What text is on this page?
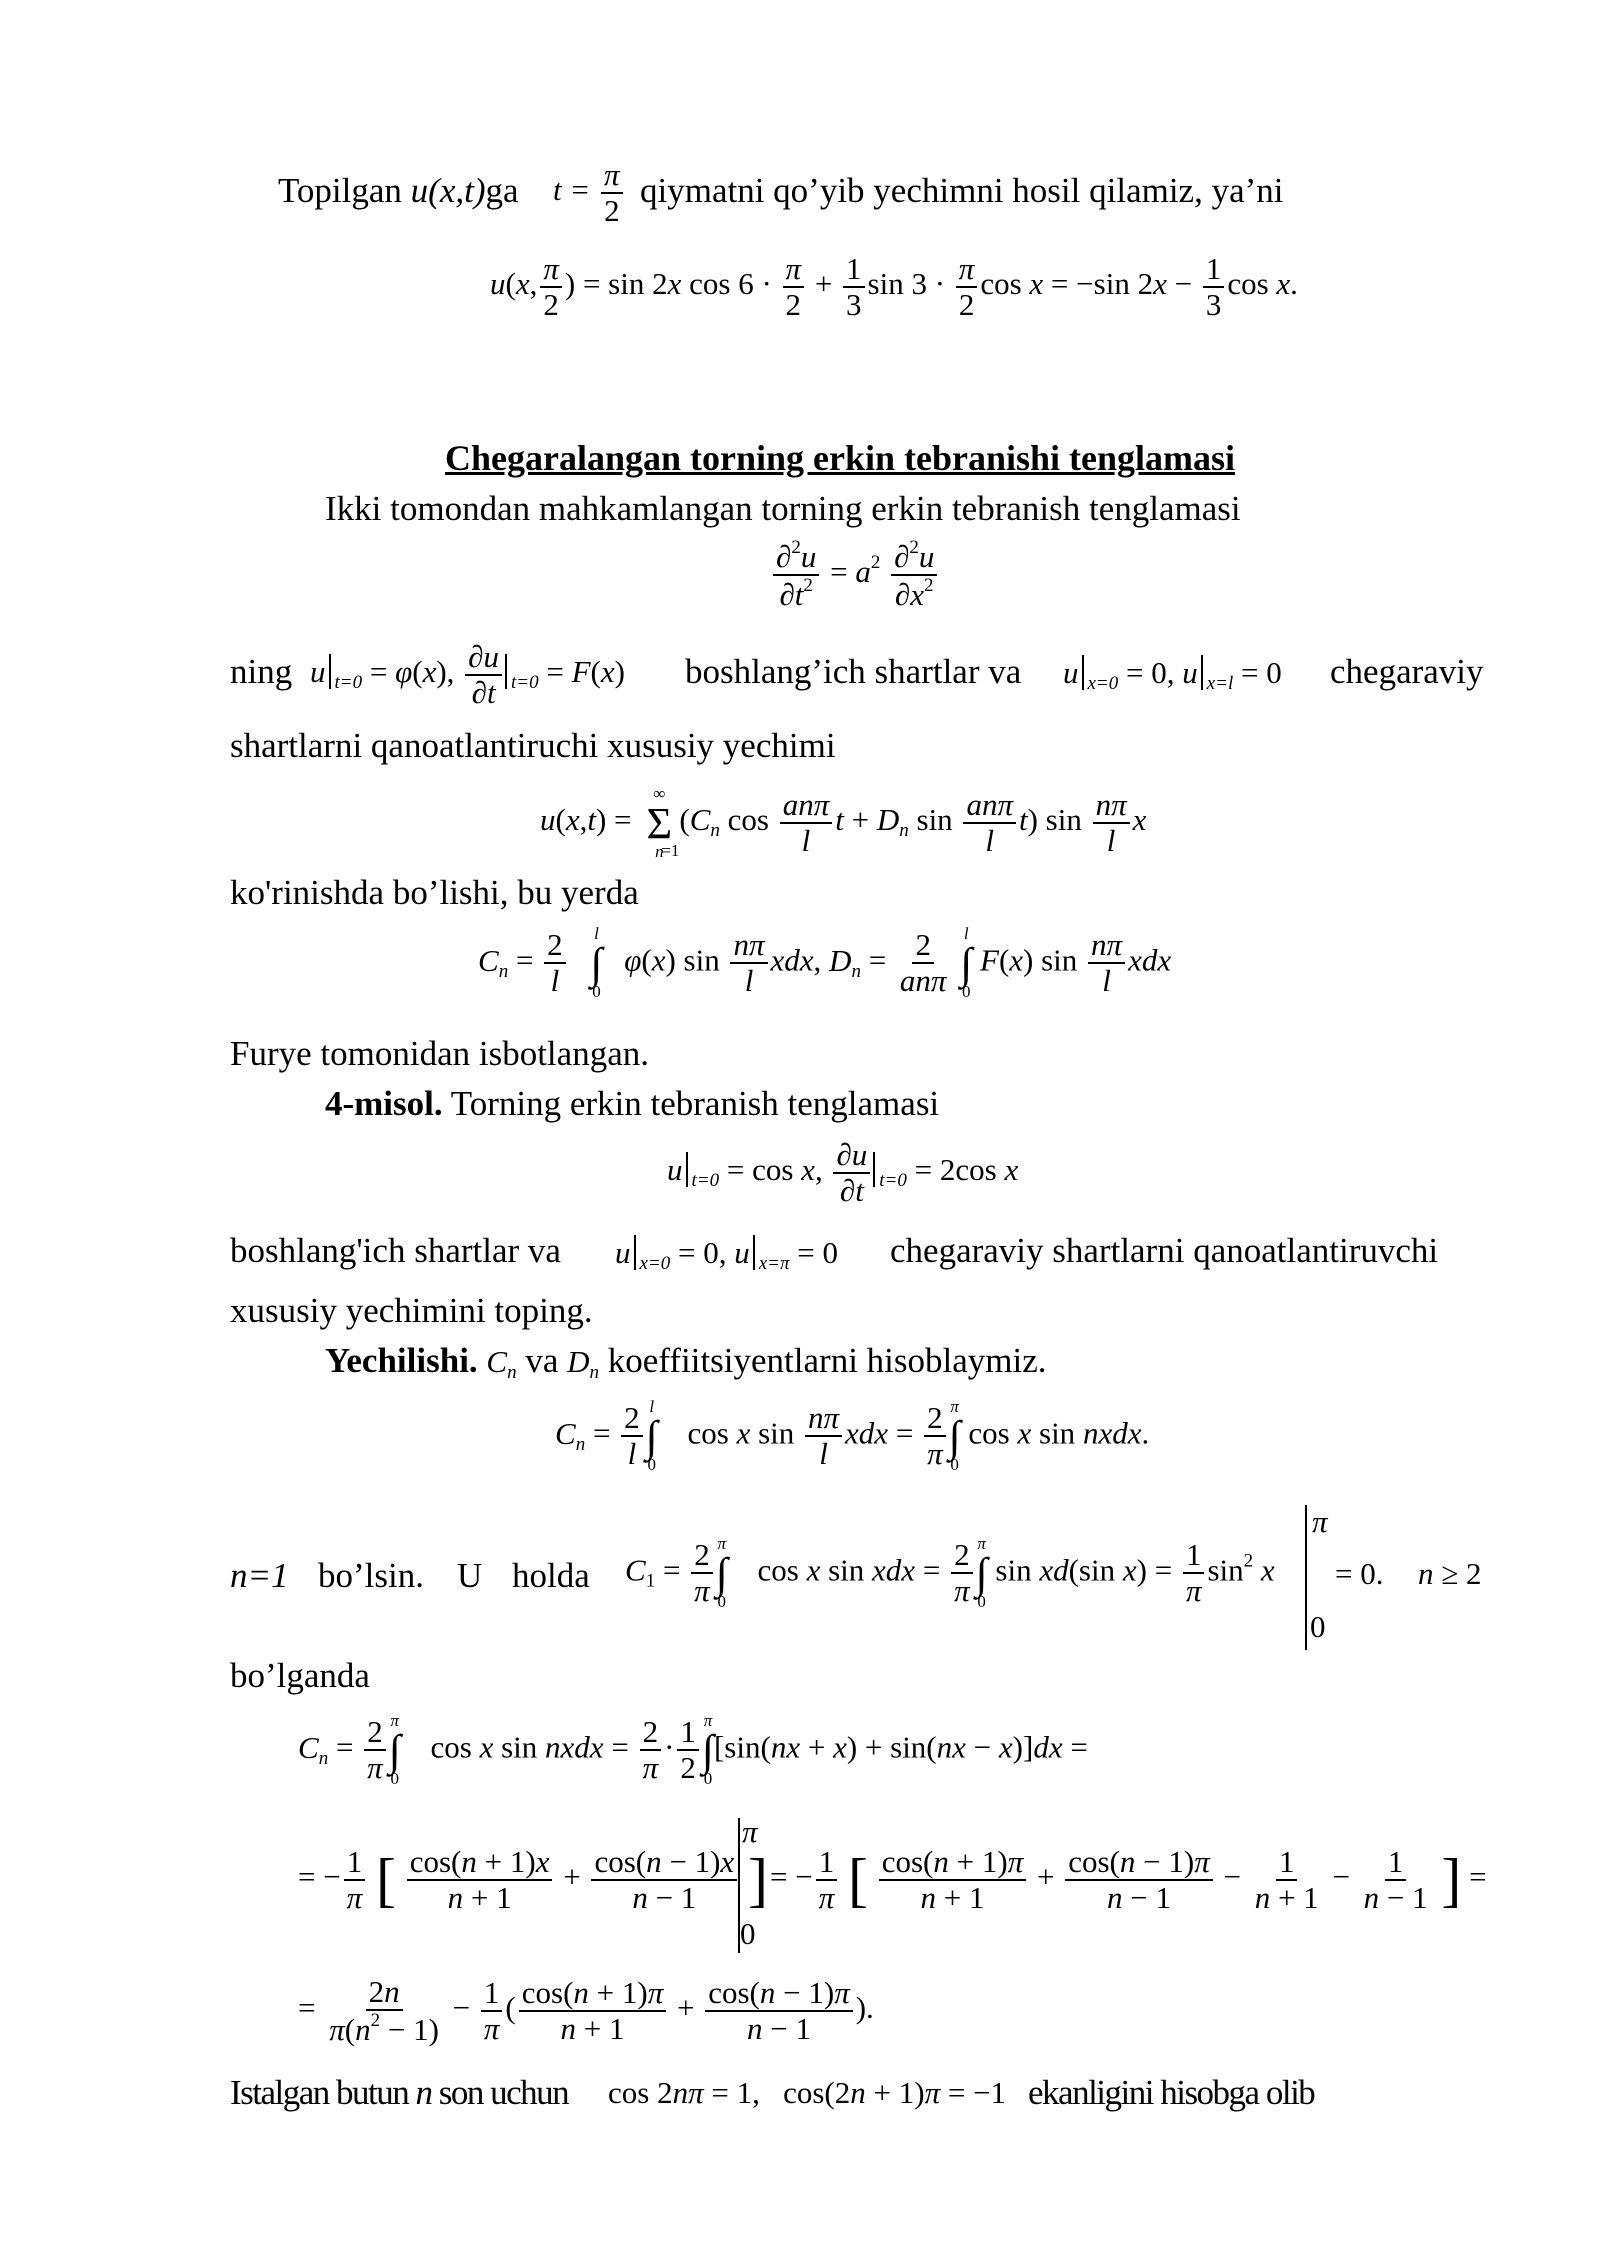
Topilgan u(x,t)ga $t = \frac{\pi}{2}$ qiymatni qo’yib yechimni hosil qilamiz, ya’ni
u(x, $\frac{\pi}{2}$ ) = sin 2x $\cos 6 \cdot \frac{\pi}{2} + \frac{1}{3}$ $\sin 3 \cdot \frac{\pi}{2}$ cos x = −sin $2x - \frac{1}{3}$ cos x.
Chegaralangan torning erkin tebranishi tenglamasi
Ikki tomondan mahkamlangan torning erkin tebranish tenglamasi
$\frac{\partial^2u}{\partial t^2} = a^2 \frac{\partial^2u}{\partial x^2}$
ning u $_{t=0}$ = φ(x), $\frac{\partial u}{\partial t} _{t=0} = F(x)$ boshlang’ich shartlar va u $_{x=0}$ = 0, u $_{x=l}$ = 0 chegaraviy
shartlarni qanoatlantiruchi xususiy yechimi
u(x,t) =
∞
Σ
n
=1
($C_n$ $\cos \frac{\text{anπ}}{l}$ $t + D_n$ $\sin \frac{\text{anπ}}{l} t$) $\sin \frac{n\pi}{l}$ x
ko'rinishda bo’lishi, bu yerda
$C_n = \frac{2}{l}$
l
∫
0
φ(x) $\sin \frac{n\pi}{l}$ xdx, $D_n = \frac{2}{\text{anπ}}$
l
∫
0
F(x) $\sin \frac{n\pi}{l}$ xdx
Furye tomonidan isbotlangan.
4-misol. Torning erkin tebranish tenglamasi
u $_{t=0}$ = cos x, $\frac{\partial u}{\partial t} _{t=0} = 2\cos$ x
boshlang'ich shartlar va u $_{x=0}$ = 0, u $_{x=\pi}$ = 0 chegaraviy shartlarni qanoatlantiruvchi
xususiy yechimini toping.
Yechilishi. $C_n$ va $D_n$ koeffiitsiyentlarni hisoblaymiz.
$C_n = \frac{2}{l}$ l
∫
0
cos x $\sin \frac{n\pi}{l}$ xdx = $\frac{2}{\pi}$ π
∫
0
cos x sin nxdx.
n=1 bo’lsin. U holda $C_1 = \frac{2}{\pi}$ π
∫
0
cos x sin xdx = $\frac{2}{\pi}$ π
∫
0
sin xd(sin $x) = \frac{1}{\pi} \sin^2 x$
π
0
= 0. n ≥ 2
bo’lganda
$C_n = \frac{2}{\pi}$ π
∫
0
cos x sin nxdx = $\frac{2}{\pi} \cdot \frac{1}{2}$ π
∫
0
[sin(nx + x) + sin(nx − x)]dx =
= − $\frac{1}{\pi}$ [ $\frac{\cos(n + 1)x}{n + 1} + \frac{\cos(n - 1)x}{n - 1}$ ]
π
0
= − $\frac{1}{\pi}$ [ $\frac{\cos(n + 1)\pi}{n + 1} + \frac{\cos(n - 1)\pi}{n - 1} - \frac{1}{n + 1} - \frac{1}{n - 1}$ ] =
= $\frac{2n}{\pi(n^2 - 1)} - \frac{1}{\pi}$ ( $\frac{\cos(n + 1)\pi}{n + 1} + \frac{\cos(n - 1)\pi}{n - 1}$ ).
Istalgan butun n son uchun cos 2nπ = 1,   cos(2n + 1)π = −1 ekanligini hisobga olib
